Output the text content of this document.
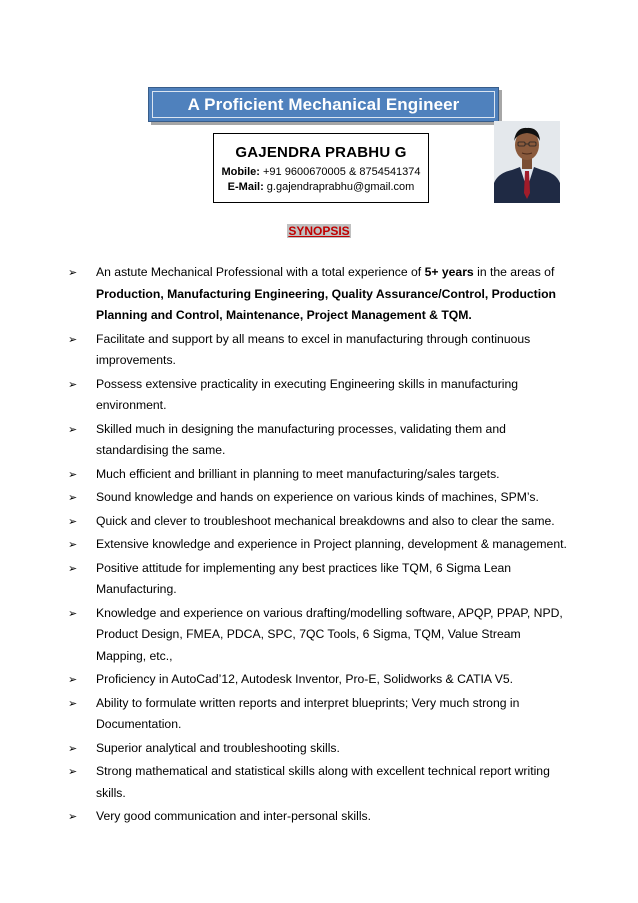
A Proficient Mechanical Engineer
GAJENDRA PRABHU G
Mobile: +91 9600670005 & 8754541374
E-Mail: g.gajendraprabhu@gmail.com
SYNOPSIS
➢ An astute Mechanical Professional with a total experience of 5+ years in the areas of Production, Manufacturing Engineering, Quality Assurance/Control, Production Planning and Control, Maintenance, Project Management & TQM.
➢ Facilitate and support by all means to excel in manufacturing through continuous improvements.
➢ Possess extensive practicality in executing Engineering skills in manufacturing environment.
➢ Skilled much in designing the manufacturing processes, validating them and standardising the same.
➢ Much efficient and brilliant in planning to meet manufacturing/sales targets.
➢ Sound knowledge and hands on experience on various kinds of machines, SPM’s.
➢ Quick and clever to troubleshoot mechanical breakdowns and also to clear the same.
➢ Extensive knowledge and experience in Project planning, development & management.
➢ Positive attitude for implementing any best practices like TQM, 6 Sigma Lean Manufacturing.
➢ Knowledge and experience on various drafting/modelling software, APQP, PPAP, NPD, Product Design, FMEA, PDCA, SPC, 7QC Tools, 6 Sigma, TQM, Value Stream Mapping, etc.,
➢ Proficiency in AutoCad’12, Autodesk Inventor, Pro-E, Solidworks & CATIA V5.
➢ Ability to formulate written reports and interpret blueprints; Very much strong in Documentation.
➢ Superior analytical and troubleshooting skills.
➢ Strong mathematical and statistical skills along with excellent technical report writing skills.
➢ Very good communication and inter-personal skills.
